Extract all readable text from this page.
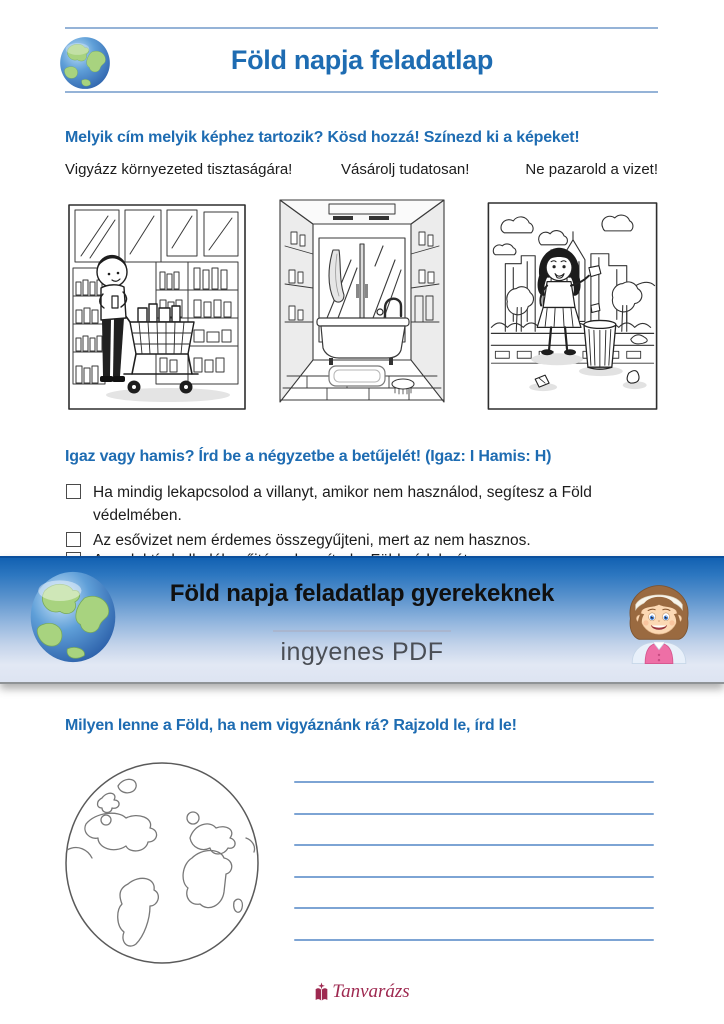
Föld napja feladatlap
Melyik cím melyik képhez tartozik? Kösd hozzá! Színezd ki a képeket!
Vigyázz környezeted tisztaságára!	Vásárolj tudatosan!	Ne pazarold a vizet!
Igaz vagy hamis? Írd be a négyzetbe a betűjelét! (Igaz: I Hamis: H)
Ha mindig lekapcsolod a villanyt, amikor nem használod, segítesz a Föld védelmében.
Az esővizet nem érdemes összegyűjteni, mert az nem hasznos.
Föld napja feladatlap gyerekeknek
ingyenes PDF
Milyen lenne a Föld, ha nem vigyáznánk rá? Rajzold le, írd le!
Tanvarázs
